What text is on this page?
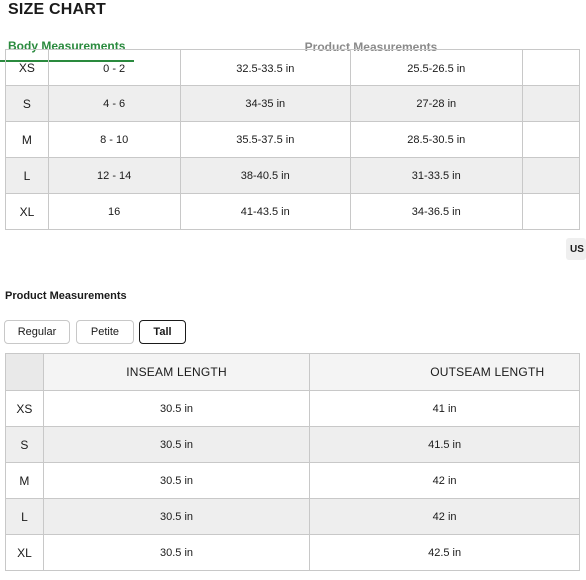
SIZE CHART
Body Measurements	Product Measurements
XS	0 - 2	32.5-33.5 in	25.5-26.5 in	
S	4 - 6	34-35 in	27-28 in	
M	8 - 10	35.5-37.5 in	28.5-30.5 in	
L	12 - 14	38-40.5 in	31-33.5 in	
XL	16	41-43.5 in	34-36.5 in	
US
Product Measurements
Regular	Petite	Tall
	INSEAM LENGTH	OUTSEAM LENGTH
XS	30.5 in	41 in
S	30.5 in	41.5 in
M	30.5 in	42 in
L	30.5 in	42 in
XL	30.5 in	42.5 in
